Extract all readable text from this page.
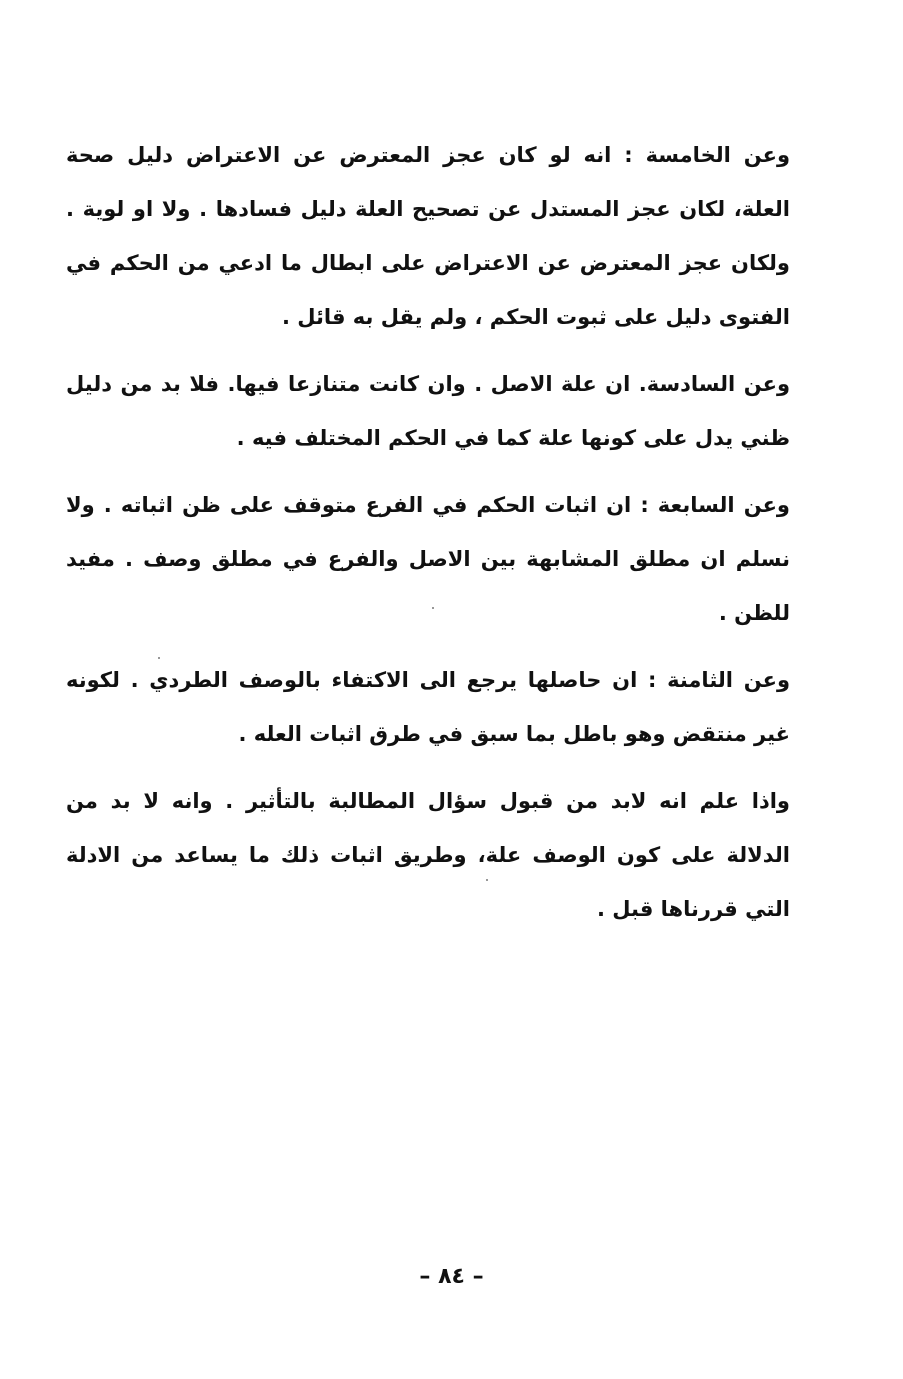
وعن الخامسة : انه لو كان عجز المعترض عن الاعتراض دليل صحة العلة، لكان عجز المستدل عن تصحيح العلة دليل فسادها . ولا او لوية . ولكان عجز المعترض عن الاعتراض على ابطال ما ادعي من الحكم في الفتوى دليل على ثبوت الحكم ، ولم يقل به قائل .

وعن السادسة. ان علة الاصل . وان كانت متنازعا فيها. فلا بد من دليل ظني يدل على كونها علة كما في الحكم المختلف فيه .

وعن السابعة : ان اثبات الحكم في الفرع متوقف على ظن اثباته . ولا نسلم ان مطلق المشابهة بين الاصل والفرع في مطلق وصف . مفيد للظن .

وعن الثامنة : ان حاصلها يرجع الى الاكتفاء بالوصف الطردي . لكونه غير منتقض وهو باطل بما سبق في طرق اثبات العله .

واذا علم انه لابد من قبول سؤال المطالبة بالتأثير . وانه لا بد من الدلالة على كون الوصف علة، وطريق اثبات ذلك ما يساعد من الادلة التي قررناها قبل .

– ٨٤ –
